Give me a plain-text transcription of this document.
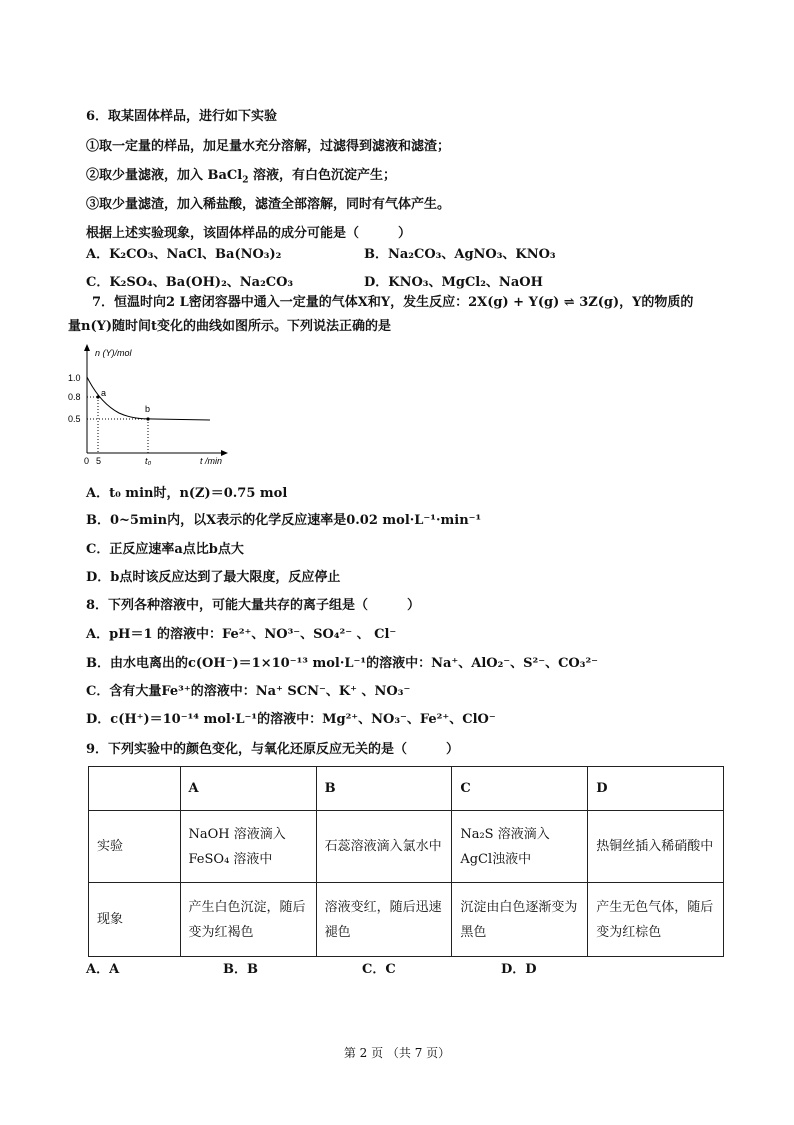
6．取某固体样品，进行如下实验
①取一定量的样品，加足量水充分溶解，过滤得到滤液和滤渣；
②取少量滤液，加入 BaCl$_2$ 溶液，有白色沉淀产生；
③取少量滤渣，加入稀盐酸，滤渣全部溶解，同时有气体产生。
根据上述实验现象，该固体样品的成分可能是（　　　）
A．K₂CO₃、NaCl、Ba(NO₃)₂	B．Na₂CO₃、AgNO₃、KNO₃
C．K₂SO₄、Ba(OH)₂、Na₂CO₃	D．KNO₃、MgCl₂、NaOH
7．恒温时向2 L密闭容器中通入一定量的气体X和Y，发生反应：2X(g) + Y(g) ⇌ 3Z(g)，Y的物质的
量n(Y)随时间t变化的曲线如图所示。下列说法正确的是
n (Y)/mol
t /min
1.0
0.8
0.5
0 5	t₀
a
b
A．t₀ min时，n(Z)＝0.75 mol
B．0~5min内，以X表示的化学反应速率是0.02 mol·L⁻¹·min⁻¹
C．正反应速率a点比b点大
D．b点时该反应达到了最大限度，反应停止
8．下列各种溶液中，可能大量共存的离子组是（　　　）
A．pH＝1 的溶液中：Fe²⁺、NO³⁻、SO₄²⁻ 、 Cl⁻
B．由水电离出的c(OH⁻)＝1×10⁻¹³ mol·L⁻¹的溶液中：Na⁺、AlO₂⁻、S²⁻、CO₃²⁻
C．含有大量Fe³⁺的溶液中：Na⁺ SCN⁻、K⁺ 、NO₃⁻
D．c(H⁺)＝10⁻¹⁴ mol·L⁻¹的溶液中：Mg²⁺、NO₃⁻、Fe²⁺、ClO⁻
9．下列实验中的颜色变化，与氧化还原反应无关的是（　　　）
	A	B	C	D
实验	NaOH 溶液滴入FeSO₄ 溶液中	石蕊溶液滴入氯水中	Na₂S 溶液滴入AgCl浊液中	热铜丝插入稀硝酸中
现象	产生白色沉淀，随后变为红褐色	溶液变红，随后迅速褪色	沉淀由白色逐渐变为黑色	产生无色气体，随后变为红棕色
A．A	B．B	C．C	D．D
第 2 页 （共 7 页）
